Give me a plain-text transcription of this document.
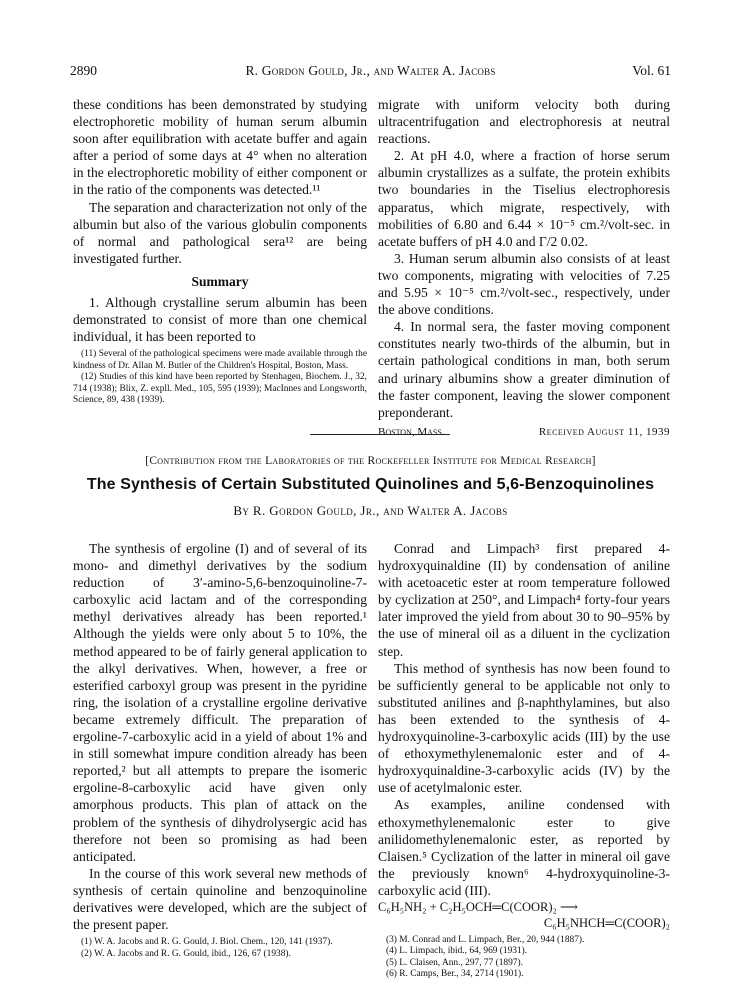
2890	R. Gordon Gould, Jr., and Walter A. Jacobs	Vol. 61

these conditions has been demonstrated by studying electrophoretic mobility of human serum albumin soon after equilibration with acetate buffer and again after a period of some days at 4° when no alteration in the electrophoretic mobility of either component or in the ratio of the components was detected.¹¹

The separation and characterization not only of the albumin but also of the various globulin components of normal and pathological sera¹² are being investigated further.

Summary

1. Although crystalline serum albumin has been demonstrated to consist of more than one chemical individual, it has been reported to

(11) Several of the pathological specimens were made available through the kindness of Dr. Allan M. Butler of the Children's Hospital, Boston, Mass.

(12) Studies of this kind have been reported by Stenhagen, Biochem. J., 32, 714 (1938); Blix, Z. expll. Med., 105, 595 (1939); MacInnes and Longsworth, Science, 89, 438 (1939).

migrate with uniform velocity both during ultracentrifugation and electrophoresis at neutral reactions.

2. At pH 4.0, where a fraction of horse serum albumin crystallizes as a sulfate, the protein exhibits two boundaries in the Tiselius electrophoresis apparatus, which migrate, respectively, with mobilities of 6.80 and 6.44 × 10⁻⁵ cm.²/volt-sec. in acetate buffers of pH 4.0 and Γ/2 0.02.

3. Human serum albumin also consists of at least two components, migrating with velocities of 7.25 and 5.95 × 10⁻⁵ cm.²/volt-sec., respectively, under the above conditions.

4. In normal sera, the faster moving component constitutes nearly two-thirds of the albumin, but in certain pathological conditions in man, both serum and urinary albumins show a greater diminution of the faster component, leaving the slower component preponderant.

Boston, Mass.	Received August 11, 1939
[Contribution from the Laboratories of the Rockefeller Institute for Medical Research]
The Synthesis of Certain Substituted Quinolines and 5,6-Benzoquinolines
By R. Gordon Gould, Jr., and Walter A. Jacobs

The synthesis of ergoline (I) and of several of its mono- and dimethyl derivatives by the sodium reduction of 3′-amino-5,6-benzoquinoline-7-carboxylic acid lactam and of the corresponding methyl derivatives already has been reported.¹ Although the yields were only about 5 to 10%, the method appeared to be of fairly general application to the alkyl derivatives. When, however, a free or esterified carboxyl group was present in the pyridine ring, the isolation of a crystalline ergoline derivative became extremely difficult. The preparation of ergoline-7-carboxylic acid in a yield of about 1% and in still somewhat impure condition already has been reported,² but all attempts to prepare the isomeric ergoline-8-carboxylic acid have given only amorphous products. This plan of attack on the problem of the synthesis of dihydrolysergic acid has therefore not been so promising as had been anticipated.

In the course of this work several new methods of synthesis of certain quinoline and benzoquinoline derivatives were developed, which are the subject of the present paper.

(1) W. A. Jacobs and R. G. Gould, J. Biol. Chem., 120, 141 (1937).

(2) W. A. Jacobs and R. G. Gould, ibid., 126, 67 (1938).

Conrad and Limpach³ first prepared 4-hydroxyquinaldine (II) by condensation of aniline with acetoacetic ester at room temperature followed by cyclization at 250°, and Limpach⁴ forty-four years later improved the yield from about 30 to 90–95% by the use of mineral oil as a diluent in the cyclization step.

This method of synthesis has now been found to be sufficiently general to be applicable not only to substituted anilines and β-naphthylamines, but also has been extended to the synthesis of 4-hydroxyquinoline-3-carboxylic acids (III) by the use of ethoxymethylenemalonic ester and of 4-hydroxyquinaldine-3-carboxylic acids (IV) by the use of acetylmalonic ester.

As examples, aniline condensed with ethoxymethylenemalonic ester to give anilidomethylenemalonic ester, as reported by Claisen.⁵ Cyclization of the latter in mineral oil gave the previously known⁶ 4-hydroxyquinoline-3-carboxylic acid (III).

C₆H₅NH₂ + C₂H₅OCH═C(COOR)₂ ⟶

C₆H₅NHCH═C(COOR)₂

(3) M. Conrad and L. Limpach, Ber., 20, 944 (1887).

(4) L. Limpach, ibid., 64, 969 (1931).

(5) L. Claisen, Ann., 297, 77 (1897).

(6) R. Camps, Ber., 34, 2714 (1901).
